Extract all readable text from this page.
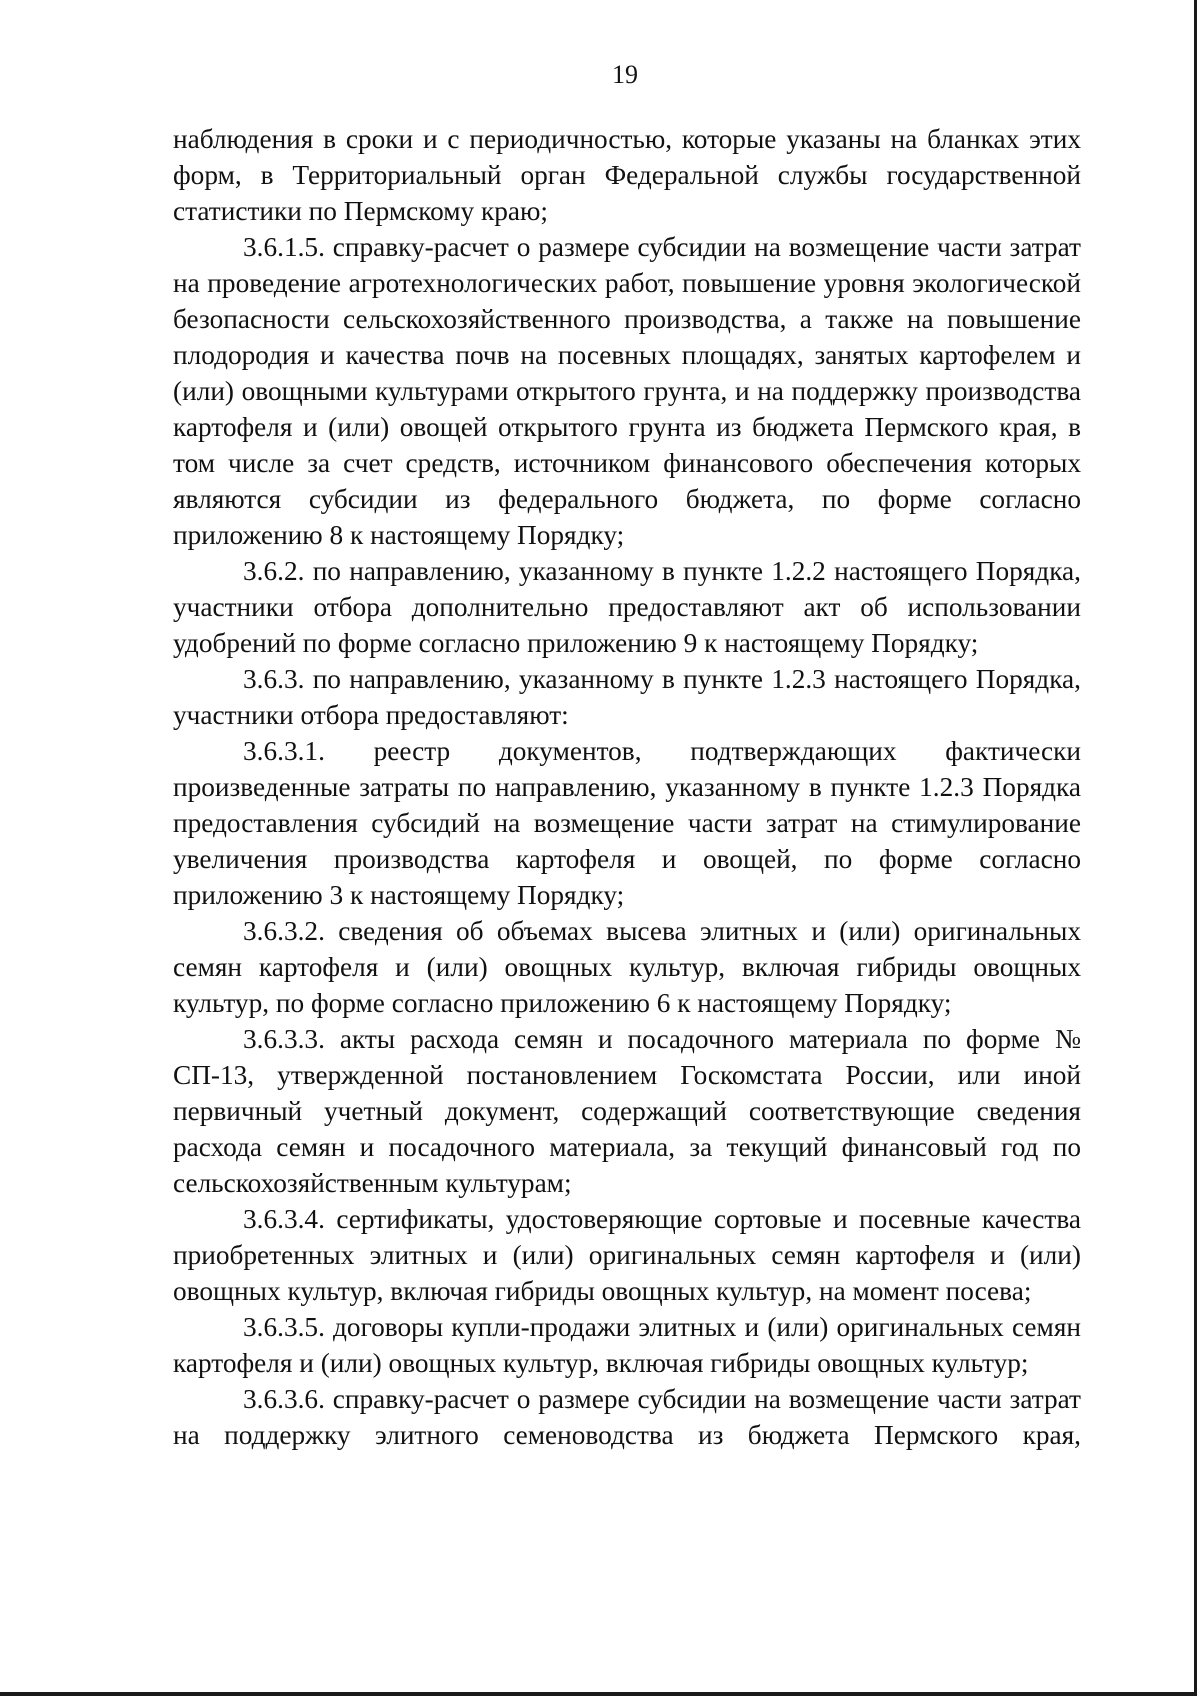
19

наблюдения в сроки и с периодичностью, которые указаны на бланках этих форм, в Территориальный орган Федеральной службы государственной статистики по Пермскому краю;

3.6.1.5. справку-расчет о размере субсидии на возмещение части затрат на проведение агротехнологических работ, повышение уровня экологической безопасности сельскохозяйственного производства, а также на повышение плодородия и качества почв на посевных площадях, занятых картофелем и (или) овощными культурами открытого грунта, и на поддержку производства картофеля и (или) овощей открытого грунта из бюджета Пермского края, в том числе за счет средств, источником финансового обеспечения которых являются субсидии из федерального бюджета, по форме согласно приложению 8 к настоящему Порядку;

3.6.2. по направлению, указанному в пункте 1.2.2 настоящего Порядка, участники отбора дополнительно предоставляют акт об использовании удобрений по форме согласно приложению 9 к настоящему Порядку;

3.6.3. по направлению, указанному в пункте 1.2.3 настоящего Порядка, участники отбора предоставляют:

3.6.3.1. реестр документов, подтверждающих фактически произведенные затраты по направлению, указанному в пункте 1.2.3 Порядка предоставления субсидий на возмещение части затрат на стимулирование увеличения производства картофеля и овощей, по форме согласно приложению 3 к настоящему Порядку;

3.6.3.2. сведения об объемах высева элитных и (или) оригинальных семян картофеля и (или) овощных культур, включая гибриды овощных культур, по форме согласно приложению 6 к настоящему Порядку;

3.6.3.3. акты расхода семян и посадочного материала по форме № СП-13, утвержденной постановлением Госкомстата России, или иной первичный учетный документ, содержащий соответствующие сведения расхода семян и посадочного материала, за текущий финансовый год по сельскохозяйственным культурам;

3.6.3.4. сертификаты, удостоверяющие сортовые и посевные качества приобретенных элитных и (или) оригинальных семян картофеля и (или) овощных культур, включая гибриды овощных культур, на момент посева;

3.6.3.5. договоры купли-продажи элитных и (или) оригинальных семян картофеля и (или) овощных культур, включая гибриды овощных культур;

3.6.3.6. справку-расчет о размере субсидии на возмещение части затрат на поддержку элитного семеноводства из бюджета Пермского края,
